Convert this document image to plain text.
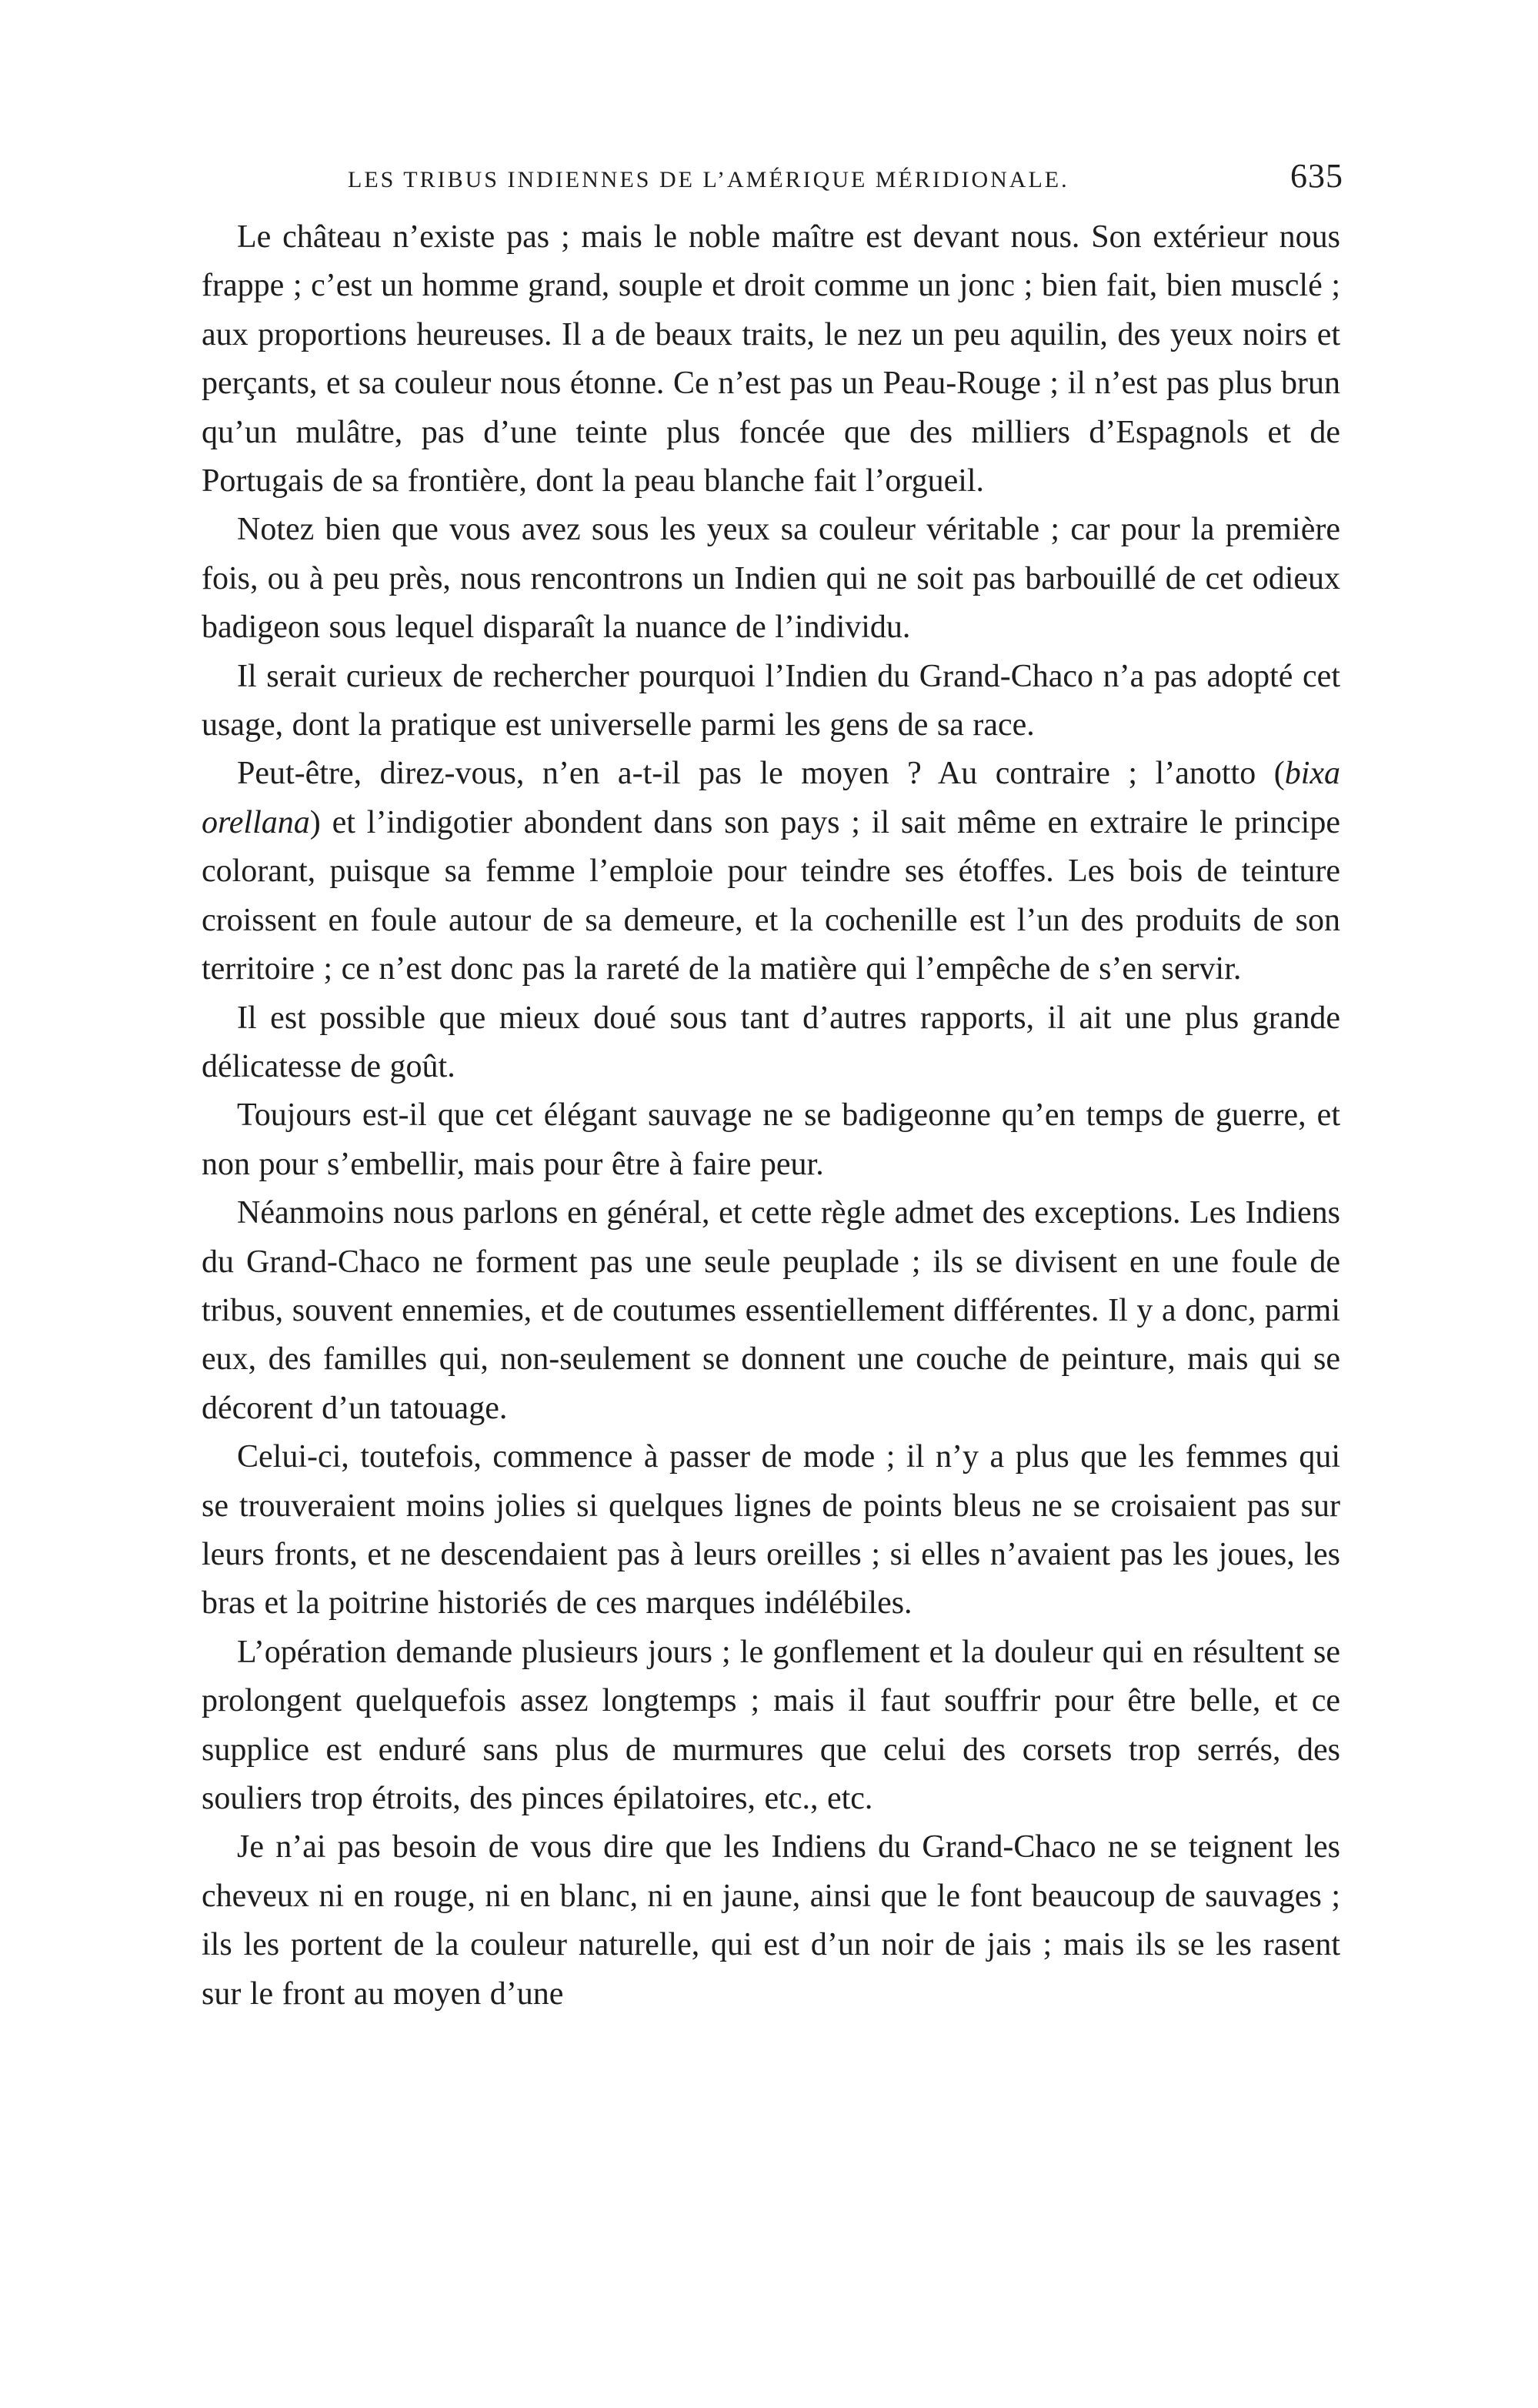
LES TRIBUS INDIENNES DE L’AMÉRIQUE MÉRIDIONALE.	635

Le château n’existe pas ; mais le noble maître est devant nous. Son extérieur nous frappe ; c’est un homme grand, souple et droit comme un jonc ; bien fait, bien musclé ; aux proportions heureuses. Il a de beaux traits, le nez un peu aquilin, des yeux noirs et perçants, et sa couleur nous étonne. Ce n’est pas un Peau-Rouge ; il n’est pas plus brun qu’un mulâtre, pas d’une teinte plus foncée que des milliers d’Espagnols et de Portugais de sa frontière, dont la peau blanche fait l’orgueil.

Notez bien que vous avez sous les yeux sa couleur véritable ; car pour la première fois, ou à peu près, nous rencontrons un Indien qui ne soit pas barbouillé de cet odieux badigeon sous lequel disparaît la nuance de l’individu.

Il serait curieux de rechercher pourquoi l’Indien du Grand-Chaco n’a pas adopté cet usage, dont la pratique est universelle parmi les gens de sa race.

Peut-être, direz-vous, n’en a-t-il pas le moyen ? Au contraire ; l’anotto (bixa orellana) et l’indigotier abondent dans son pays ; il sait même en extraire le principe colorant, puisque sa femme l’emploie pour teindre ses étoffes. Les bois de teinture croissent en foule autour de sa demeure, et la cochenille est l’un des produits de son territoire ; ce n’est donc pas la rareté de la matière qui l’empêche de s’en servir.

Il est possible que mieux doué sous tant d’autres rapports, il ait une plus grande délicatesse de goût.

Toujours est-il que cet élégant sauvage ne se badigeonne qu’en temps de guerre, et non pour s’embellir, mais pour être à faire peur.

Néanmoins nous parlons en général, et cette règle admet des exceptions. Les Indiens du Grand-Chaco ne forment pas une seule peuplade ; ils se divisent en une foule de tribus, souvent ennemies, et de coutumes essentiellement différentes. Il y a donc, parmi eux, des familles qui, non-seulement se donnent une couche de peinture, mais qui se décorent d’un tatouage.

Celui-ci, toutefois, commence à passer de mode ; il n’y a plus que les femmes qui se trouveraient moins jolies si quelques lignes de points bleus ne se croisaient pas sur leurs fronts, et ne descendaient pas à leurs oreilles ; si elles n’avaient pas les joues, les bras et la poitrine historiés de ces marques indélébiles.

L’opération demande plusieurs jours ; le gonflement et la douleur qui en résultent se prolongent quelquefois assez longtemps ; mais il faut souffrir pour être belle, et ce supplice est enduré sans plus de murmures que celui des corsets trop serrés, des souliers trop étroits, des pinces épilatoires, etc., etc.

Je n’ai pas besoin de vous dire que les Indiens du Grand-Chaco ne se teignent les cheveux ni en rouge, ni en blanc, ni en jaune, ainsi que le font beaucoup de sauvages ; ils les portent de la couleur naturelle, qui est d’un noir de jais ; mais ils se les rasent sur le front au moyen d’une
